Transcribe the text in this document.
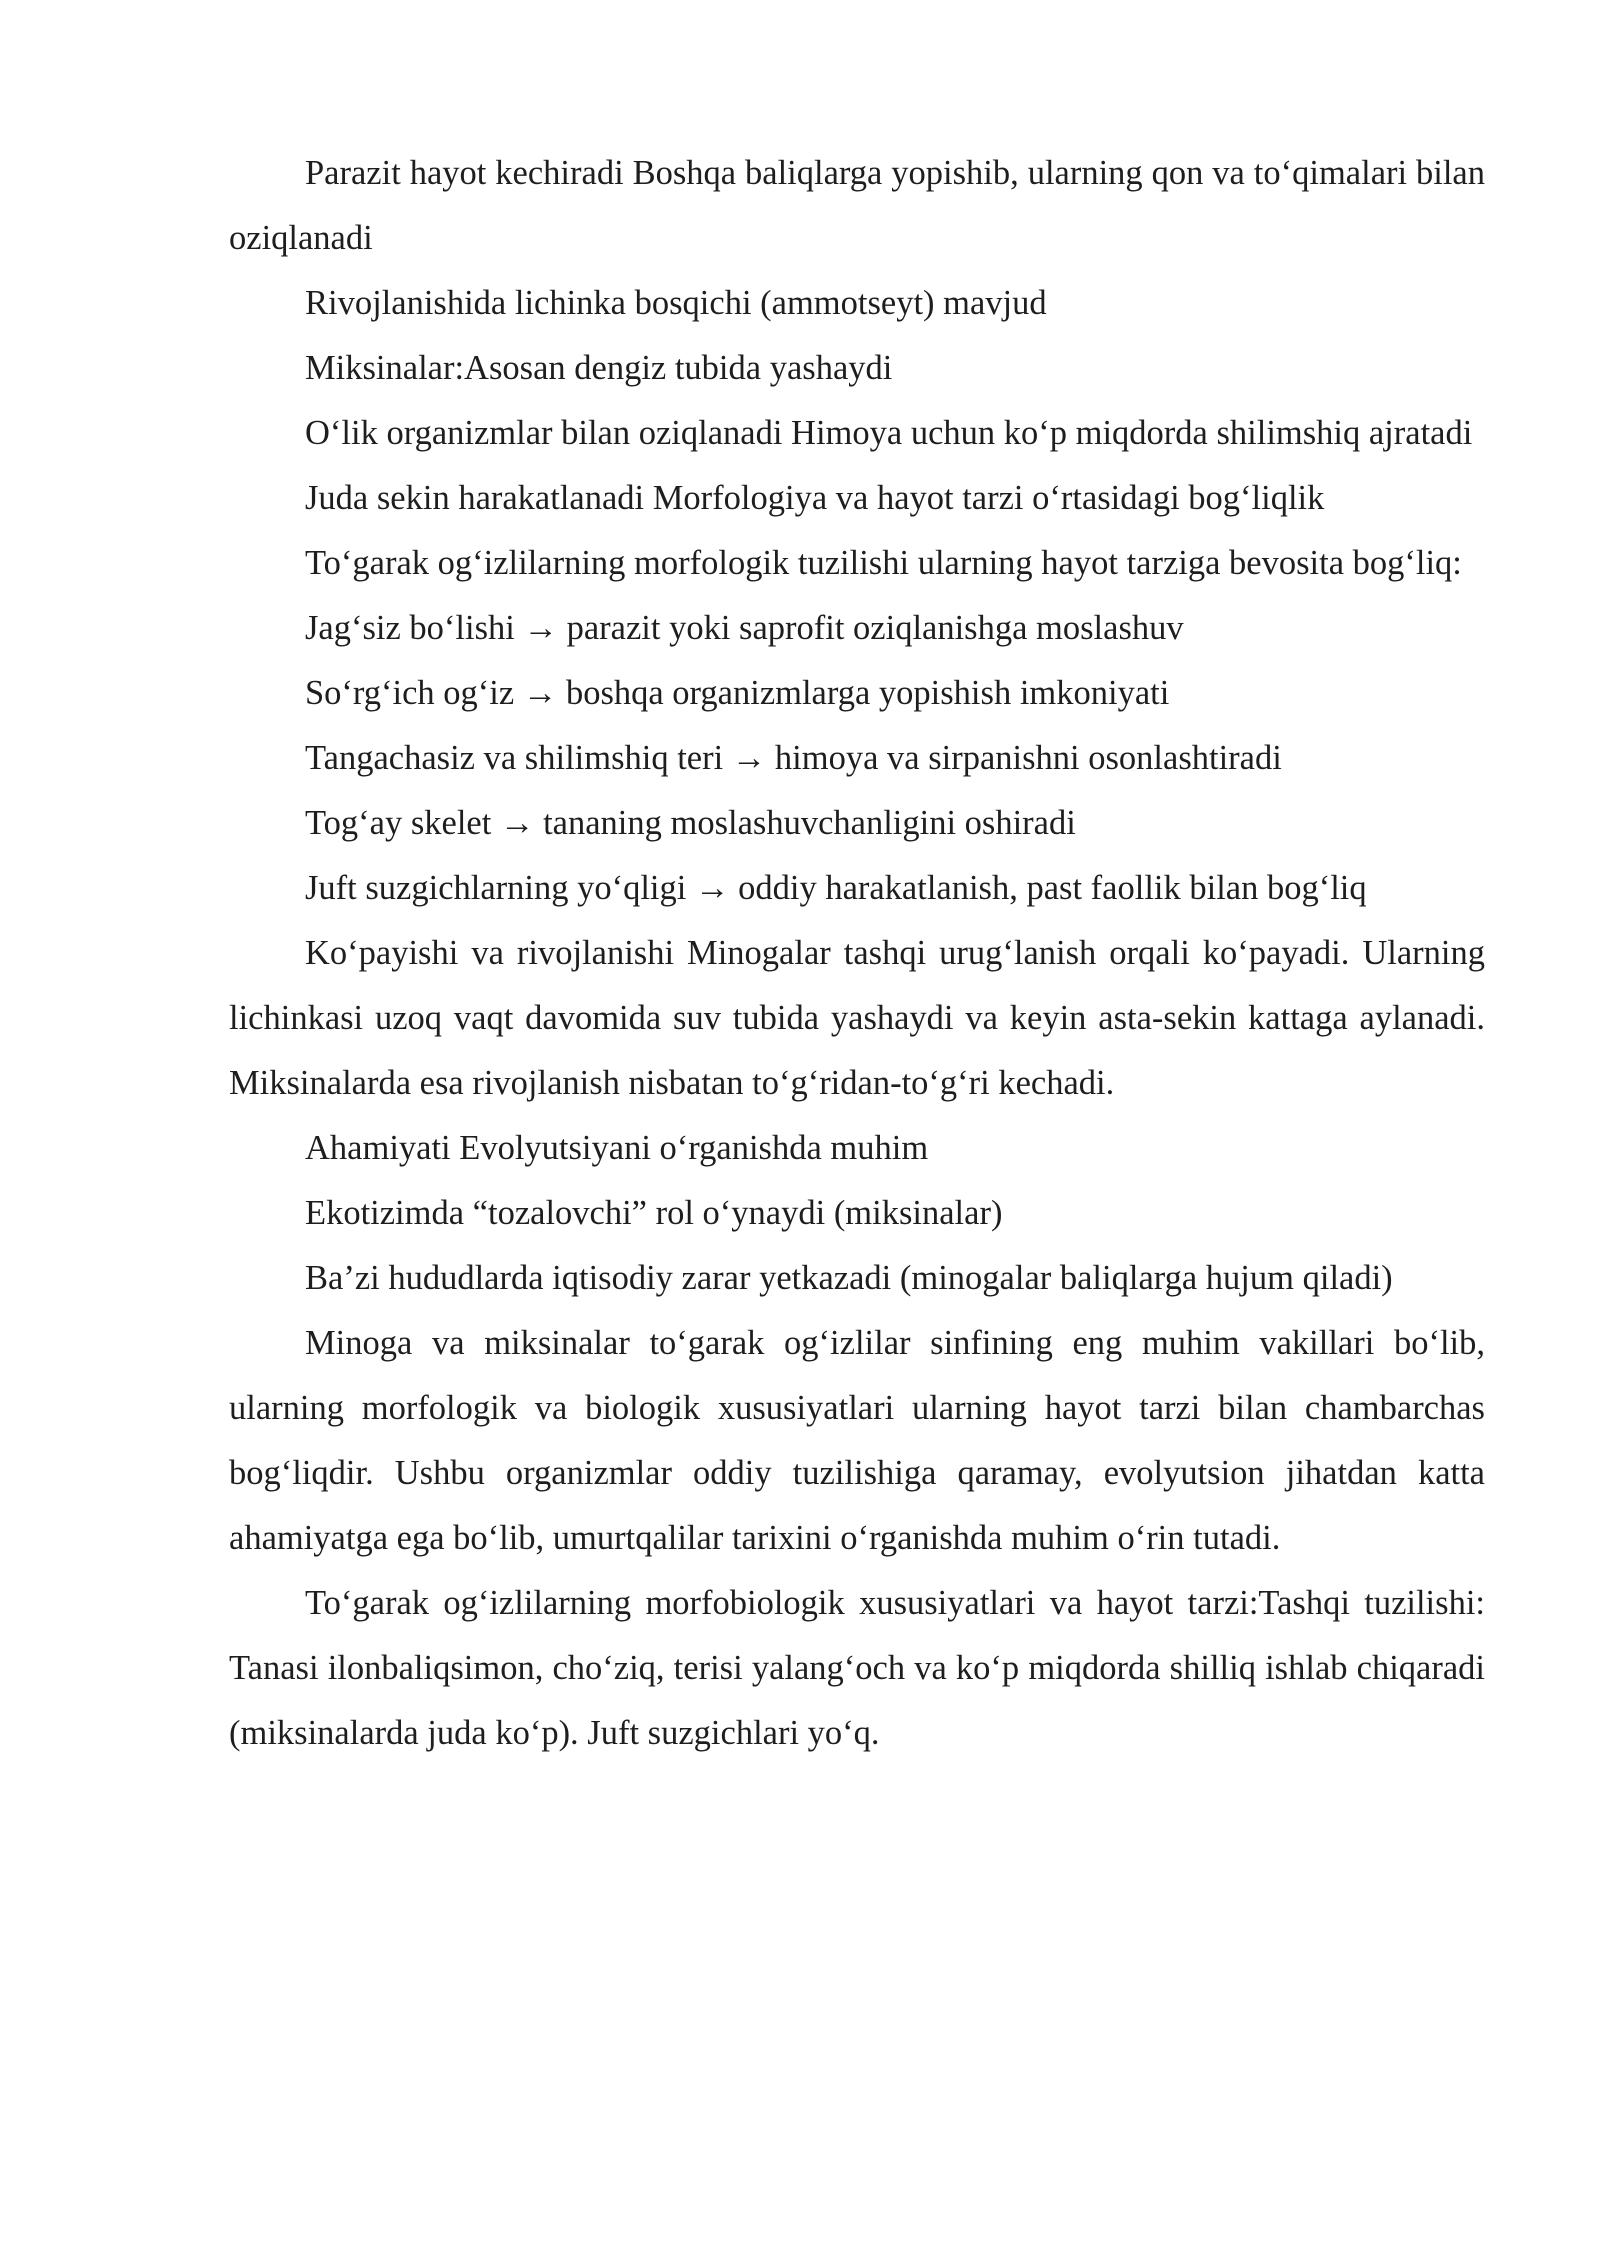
Parazit hayot kechiradi Boshqa baliqlarga yopishib, ularning qon va to‘qimalari bilan oziqlanadi

Rivojlanishida lichinka bosqichi (ammotseyt) mavjud

Miksinalar:Asosan dengiz tubida yashaydi

O‘lik organizmlar bilan oziqlanadi Himoya uchun ko‘p miqdorda shilimshiq ajratadi

Juda sekin harakatlanadi Morfologiya va hayot tarzi o‘rtasidagi bog‘liqlik

To‘garak og‘izlilarning morfologik tuzilishi ularning hayot tarziga bevosita bog‘liq:

Jag‘siz bo‘lishi → parazit yoki saprofit oziqlanishga moslashuv

So‘rg‘ich og‘iz → boshqa organizmlarga yopishish imkoniyati

Tangachasiz va shilimshiq teri → himoya va sirpanishni osonlashtiradi

Tog‘ay skelet → tananing moslashuvchanligini oshiradi

Juft suzgichlarning yo‘qligi → oddiy harakatlanish, past faollik bilan bog‘liq

Ko‘payishi va rivojlanishi Minogalar tashqi urug‘lanish orqali ko‘payadi. Ularning lichinkasi uzoq vaqt davomida suv tubida yashaydi va keyin asta-sekin kattaga aylanadi. Miksinalarda esa rivojlanish nisbatan to‘g‘ridan-to‘g‘ri kechadi.

Ahamiyati Evolyutsiyani o‘rganishda muhim

Ekotizimda “tozalovchi” rol o‘ynaydi (miksinalar)

Ba’zi hududlarda iqtisodiy zarar yetkazadi (minogalar baliqlarga hujum qiladi)

Minoga va miksinalar to‘garak og‘izlilar sinfining eng muhim vakillari bo‘lib, ularning morfologik va biologik xususiyatlari ularning hayot tarzi bilan chambarchas bog‘liqdir. Ushbu organizmlar oddiy tuzilishiga qaramay, evolyutsion jihatdan katta ahamiyatga ega bo‘lib, umurtqalilar tarixini o‘rganishda muhim o‘rin tutadi.

To‘garak og‘izlilarning morfobiologik xususiyatlari va hayot tarzi:Tashqi tuzilishi: Tanasi ilonbaliqsimon, cho‘ziq, terisi yalang‘och va ko‘p miqdorda shilliq ishlab chiqaradi (miksinalarda juda ko‘p). Juft suzgichlari yo‘q.
